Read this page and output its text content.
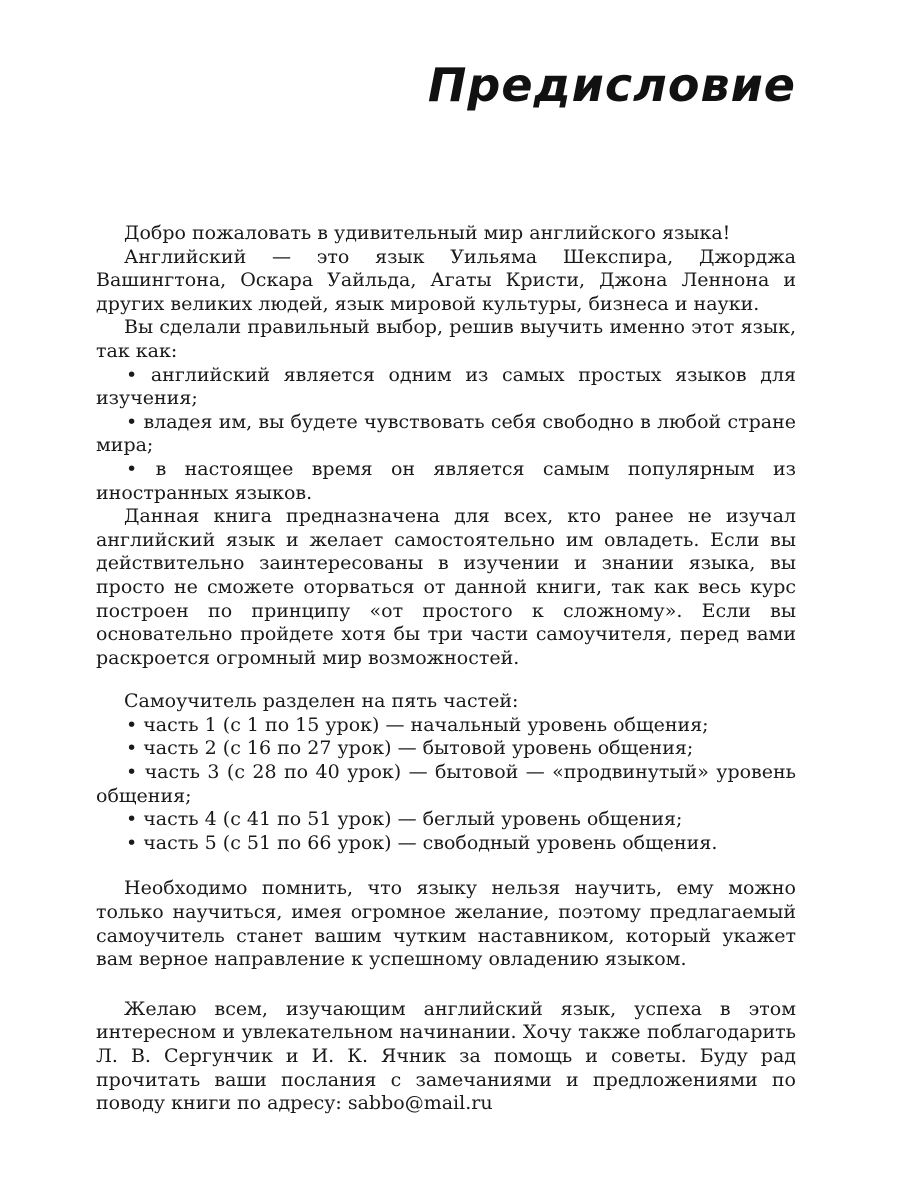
Предисловие

Добро пожаловать в удивительный мир английского языка!

Английский — это язык Уильяма Шекспира, Джорджа Вашингтона, Оскара Уайльда, Агаты Кристи, Джона Леннона и других великих людей, язык мировой культуры, бизнеса и науки.

Вы сделали правильный выбор, решив выучить именно этот язык, так как:

• английский является одним из самых простых языков для изучения;
• владея им, вы будете чувствовать себя свободно в любой стране мира;
• в настоящее время он является самым популярным из иностранных языков.

Данная книга предназначена для всех, кто ранее не изучал английский язык и желает самостоятельно им овладеть. Если вы действительно заинтересованы в изучении и знании языка, вы просто не сможете оторваться от данной книги, так как весь курс построен по принципу «от простого к сложному». Если вы основательно пройдете хотя бы три части самоучителя, перед вами раскроется огромный мир возможностей.

Самоучитель разделен на пять частей:

• часть 1 (с 1 по 15 урок) — начальный уровень общения;
• часть 2 (с 16 по 27 урок) — бытовой уровень общения;
• часть 3 (с 28 по 40 урок) — бытовой — «продвинутый» уровень общения;
• часть 4 (с 41 по 51 урок) — беглый уровень общения;
• часть 5 (с 51 по 66 урок) — свободный уровень общения.

Необходимо помнить, что языку нельзя научить, ему можно только научиться, имея огромное желание, поэтому предлагаемый самоучитель станет вашим чутким наставником, который укажет вам верное направление к успешному овладению языком.

Желаю всем, изучающим английский язык, успеха в этом интересном и увлекательном начинании. Хочу также поблагодарить Л. В. Сергунчик и И. К. Ячник за помощь и советы. Буду рад прочитать ваши послания с замечаниями и предложениями по поводу книги по адресу: sabbo@mail.ru
